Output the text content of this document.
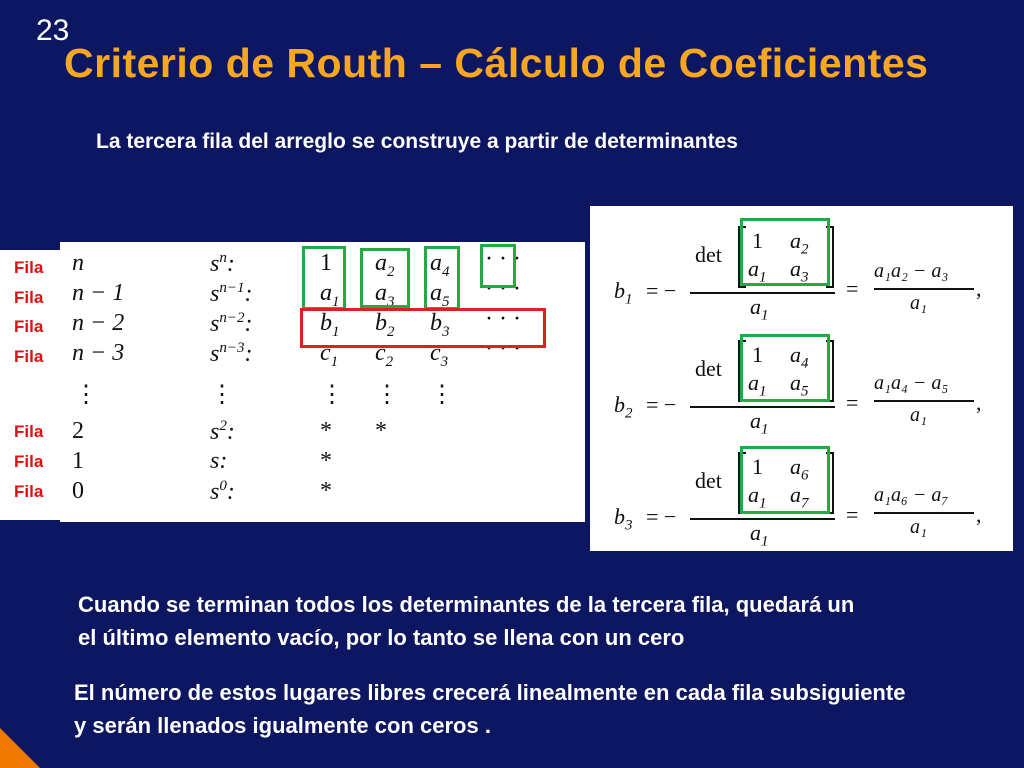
23
Criterio de Routh – Cálculo de Coeficientes
La tercera fila del arreglo se construye a partir de determinantes
Fila
Fila
Fila
Fila
Fila
Fila
Fila
n
n − 1
n − 2
n − 3
⋮
2
1
0
$s^n$:
$s^{n-1}$:
$s^{n-2}$:
$s^{n-3}$:
⋮
$s^2$:
s:
$s^0$:
1 $a_2$ $a_4$ · · ·
$a_1$ $a_3$ $a_5$ · · ·
$b_1$ $b_2$ $b_3$ · · ·
$c_1$ $c_2$ $c_3$ · · ·
⋮ ⋮ ⋮
* *
*
*
$b_1$ = −
det
1 $a_2$
$a_1$ $a_3$
$a_1$
=
a₁a₂ − a₃
a₁
,
$b_2$ = −
det
1 $a_4$
$a_1$ $a_5$
$a_1$
=
a₁a₄ − a₅
a₁ ,
$b_3$ = −
det
1 $a_6$
$a_1$ $a_7$
$a_1$
=
a₁a₆ − a₇
a₁ ,
Cuando se terminan todos los determinantes de la tercera fila, quedará un
el último elemento vacío, por lo tanto se llena con un cero
El número de estos lugares libres crecerá linealmente en cada fila subsiguiente
y serán llenados igualmente con ceros .
